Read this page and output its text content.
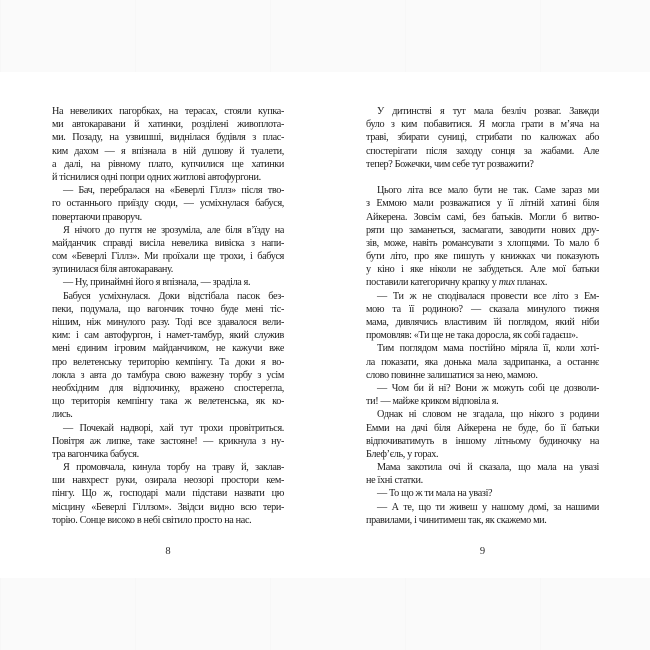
На невеликих пагорбках, на терасах, стояли купка-
ми автокаравани й хатинки, розділені живоплота-
ми. Позаду, на узвишші, виднілася будівля з плас-
ким дахом — я впізнала в ній душову й туалети,
а далі, на рівному плато, купчилися ще хатинки
й тіснилися одні попри одних житлові автофургони.
— Бач, перебралася на «Беверлі Гіллз» після тво-
го останнього приїзду сюди, — усміхнулася бабуся,
повертаючи праворуч.
Я нічого до пуття не зрозуміла, але біля вʼїзду на
майданчик справді висіла невелика вивіска з напи-
сом «Беверлі Гіллз». Ми проїхали ще трохи, і бабуся
зупинилася біля автокаравану.
— Ну, принаймні його я впізнала, — зраділа я.
Бабуся усміхнулася. Доки відстібала пасок без-
пеки, подумала, що вагончик точно буде мені тіс-
нішим, ніж минулого разу. Тоді все здавалося вели-
ким: і сам автофургон, і намет-тамбур, який служив
мені єдиним ігровим майданчиком, не кажучи вже
про велетенську територію кемпінгу. Та доки я во-
локла з авта до тамбура свою важезну торбу з усім
необхідним для відпочинку, вражено спостерегла,
що територія кемпінгу така ж велетенська, як ко-
лись.
— Почекай надворі, хай тут трохи провітриться.
Повітря аж липке, таке застояне! — крикнула з ну-
тра вагончика бабуся.
Я промовчала, кинула торбу на траву й, заклав-
ши навхрест руки, озирала неозорі простори кем-
пінгу. Що ж, господарі мали підстави назвати цю
місцину «Беверлі Гіллзом». Звідси видно всю тери-
торію. Сонце високо в небі світило просто на нас.
8
У дитинстві я тут мала безліч розваг. Завжди
було з ким побавитися. Я могла грати в мʼяча на
траві, збирати суниці, стрибати по калюжах або
спостерігати після заходу сонця за жабами. Але
тепер? Божечки, чим себе тут розважити?
Цього літа все мало бути не так. Саме зараз ми
з Еммою мали розважатися у її літній хатині біля
Айкерена. Зовсім самі, без батьків. Могли б витво-
ряти що заманеться, засмагати, заводити нових дру-
зів, може, навіть романсувати з хлопцями. То мало б
бути літо, про яке пишуть у книжках чи показують
у кіно і яке ніколи не забудеться. Але мої батьки
поставили категоричну крапку у тих планах.
— Ти ж не сподівалася провести все літо з Ем-
мою та її родиною? — сказала минулого тижня
мама, дивлячись властивим їй поглядом, який ніби
промовляв: «Ти ще не така доросла, як собі гадаєш».
Тим поглядом мама постійно міряла її, коли хоті-
ла показати, яка донька мала задрипанка, а останнє
слово повинне залишатися за нею, мамою.
— Чом би й ні? Вони ж можуть собі це дозволи-
ти! — майже криком відповіла я.
Однак ні словом не згадала, що нікого з родини
Емми на дачі біля Айкерена не буде, бо її батьки
відпочиватимуть в іншому літньому будиночку на
Блефʼєль, у горах.
Мама закотила очі й сказала, що мала на увазі
не їхні статки.
— То що ж ти мала на увазі?
— А те, що ти живеш у нашому домі, за нашими
правилами, і чинитимеш так, як скажемо ми.
9
